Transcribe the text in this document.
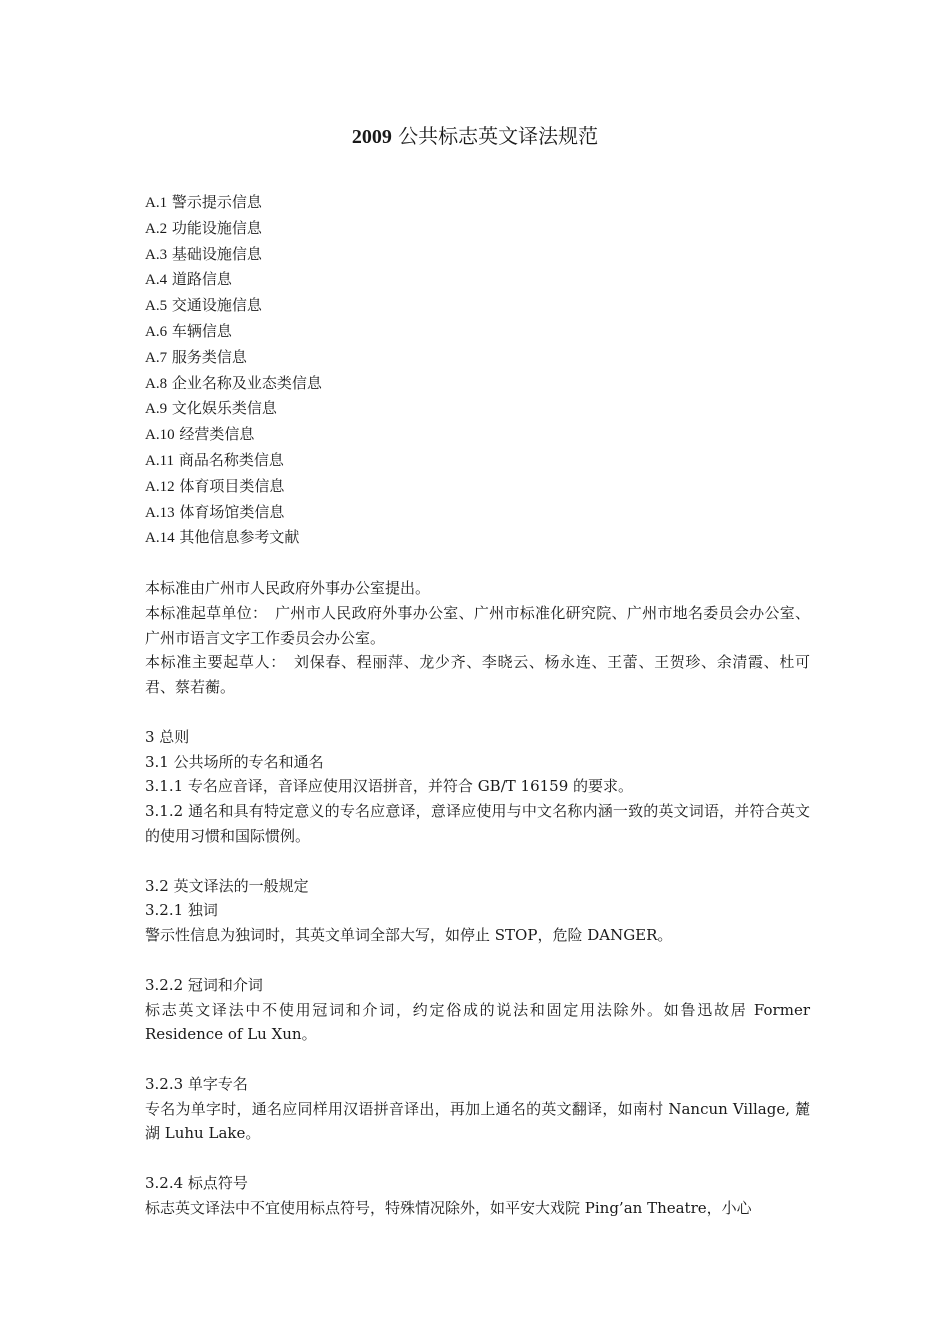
2009 公共标志英文译法规范
A.1 警示提示信息
A.2 功能设施信息
A.3 基础设施信息
A.4 道路信息
A.5 交通设施信息
A.6 车辆信息
A.7 服务类信息
A.8 企业名称及业态类信息
A.9 文化娱乐类信息
A.10 经营类信息
A.11 商品名称类信息
A.12 体育项目类信息
A.13 体育场馆类信息
A.14 其他信息参考文献
本标准由广州市人民政府外事办公室提出。
本标准起草单位：　广州市人民政府外事办公室、广州市标准化研究院、广州市地名委员会办公室、广州市语言文字工作委员会办公室。
本标准主要起草人：　刘保春、程丽萍、龙少齐、李晓云、杨永连、王蕾、王贺珍、余清霞、杜可君、蔡若蘅。
3 总则
3.1 公共场所的专名和通名
3.1.1 专名应音译，音译应使用汉语拼音，并符合 GB/T 16159 的要求。
3.1.2 通名和具有特定意义的专名应意译，意译应使用与中文名称内涵一致的英文词语，并符合英文的使用习惯和国际惯例。
3.2 英文译法的一般规定
3.2.1 独词
警示性信息为独词时，其英文单词全部大写，如停止 STOP，危险 DANGER。
3.2.2 冠词和介词
标志英文译法中不使用冠词和介词，约定俗成的说法和固定用法除外。如鲁迅故居 Former Residence of Lu Xun。
3.2.3 单字专名
专名为单字时，通名应同样用汉语拼音译出，再加上通名的英文翻译，如南村 Nancun Village, 麓湖 Luhu Lake。
3.2.4 标点符号
标志英文译法中不宜使用标点符号，特殊情况除外，如平安大戏院 Ping’an Theatre，小心
